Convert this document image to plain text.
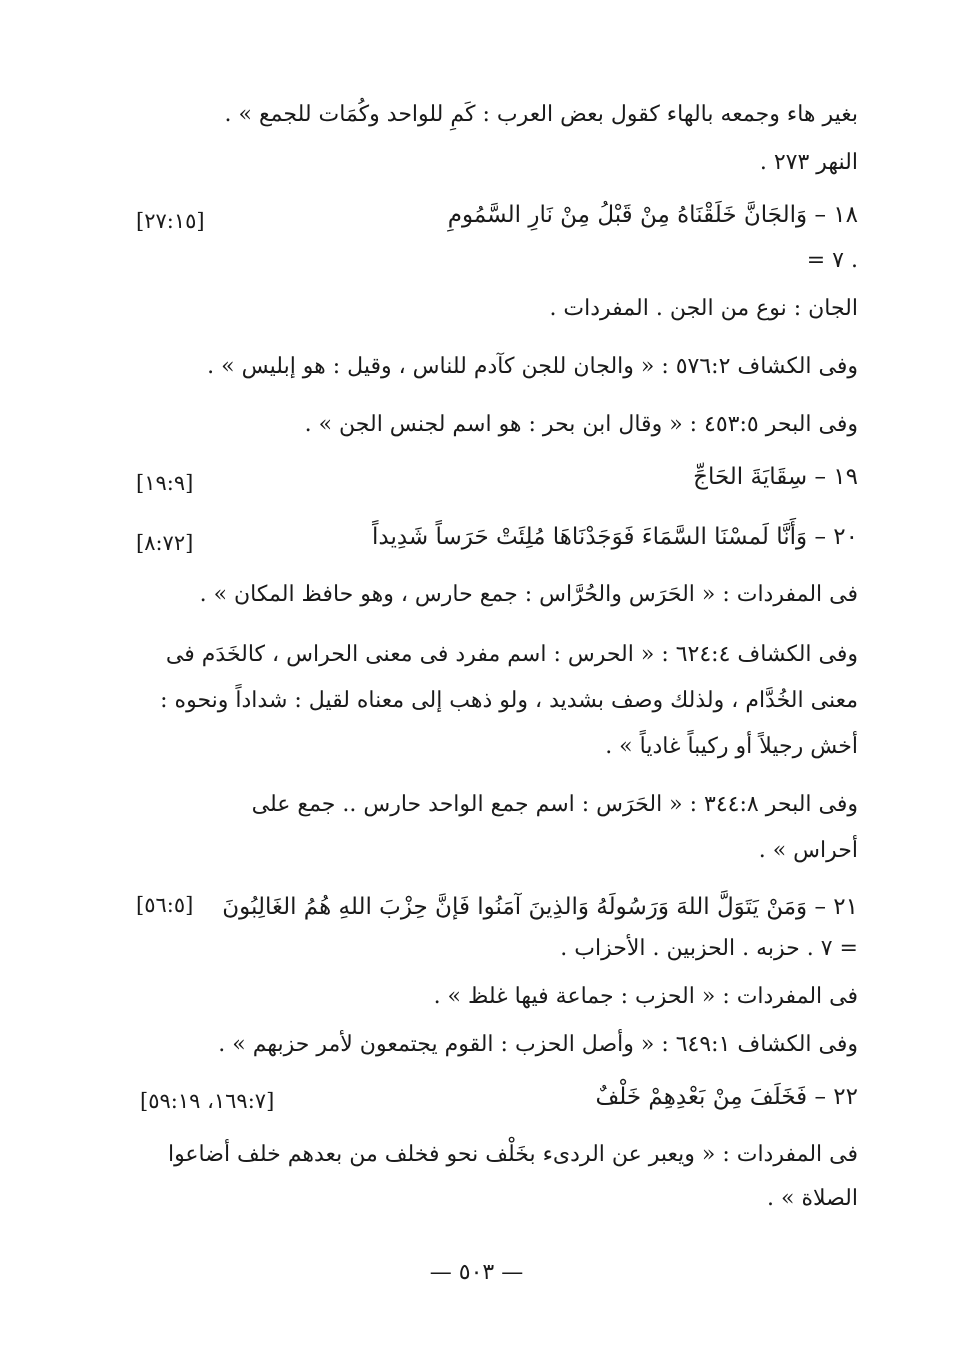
بغير هاء وجمعه بالهاء كقول بعض العرب : كَمِ للواحد وكُمَات للجمع » .
النهر ٢٧٣ .
١٨ – وَالجَانَّ خَلَقْنَاهُ مِنْ قَبْلُ مِنْ نَارِ السَّمُومِ
[٢٧:١٥]
= ٧ .
الجان : نوع من الجن . المفردات .
وفى الكشاف ٥٧٦:٢ : « والجان للجن كآدم للناس ، وقيل : هو إبليس » .
وفى البحر ٤٥٣:٥ : « وقال ابن بحر : هو اسم لجنس الجن » .
١٩ – سِقَايَةَ الحَاجِّ
[١٩:٩]
٢٠ – وَأَنَّا لَمسْنَا السَّمَاءَ فَوَجَدْنَاهَا مُلِئَتْ حَرَساً شَدِيداً
[٨:٧٢]
فى المفردات : « الحَرَس والحُرَّاس : جمع حارس ، وهو حافظ المكان » .
وفى الكشاف ٦٢٤:٤ : « الحرس : اسم مفرد فى معنى الحراس ، كالخَدَم فى
معنى الخُدَّام ، ولذلك وصف بشديد ، ولو ذهب إلى معناه لقيل : شداداً ونحوه :
أخش رجيلاً أو ركيباً غادياً » .
وفى البحر ٣٤٤:٨ : « الحَرَس : اسم جمع الواحد حارس .. جمع على
أحراس » .
٢١ – وَمَنْ يَتَوَلَّ اللهَ وَرَسُولَهُ وَالذِينَ آمَنُوا فَإنَّ حِزْبَ اللهِ هُمُ الغَالِبُونَ
[٥٦:٥]
= ٧ . حزبه . الحزبين . الأحزاب .
فى المفردات : « الحزب : جماعة فيها غلظ » .
وفى الكشاف ٦٤٩:١ : « وأصل الحزب : القوم يجتمعون لأمر حزبهم » .
٢٢ – فَخَلَفَ مِنْ بَعْدِهِمْ خَلْفٌ
[١٦٩:٧، ٥٩:١٩]
فى المفردات : « ويعبر عن الردىء بخَلْف نحو فخلف من بعدهم خلف أضاعوا
الصلاة » .
— ٥٠٣ —
